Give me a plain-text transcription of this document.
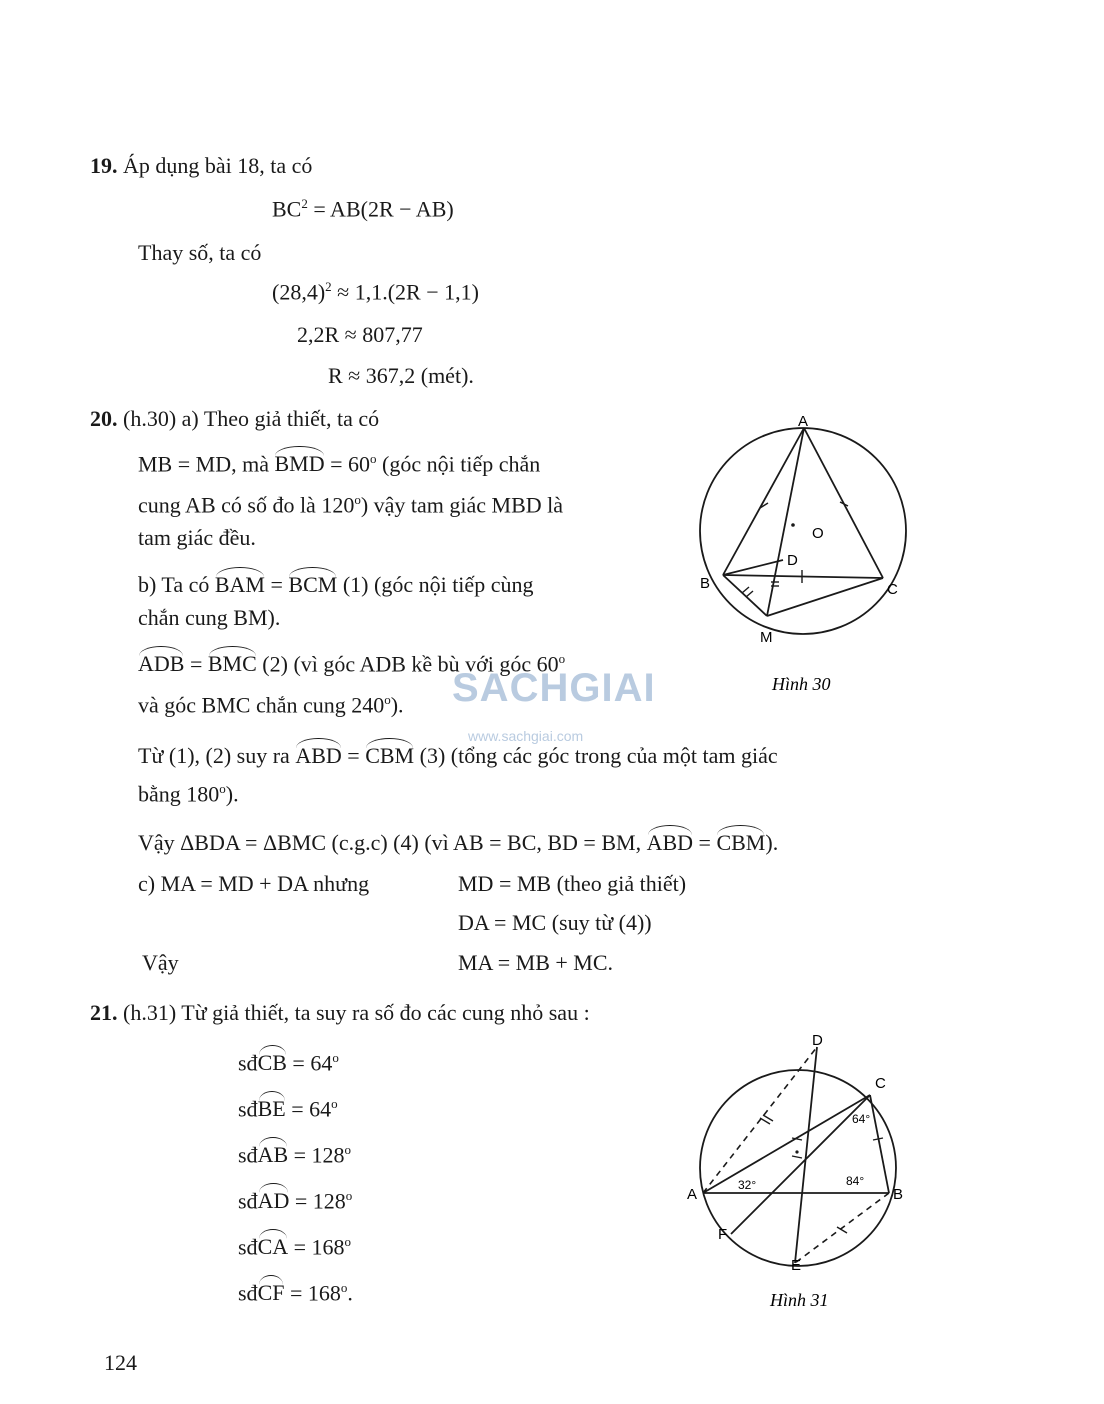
19. Áp dụng bài 18, ta có
$BC^2 = AB(2R - AB)$
Thay số, ta có
$(28,4)^2 \approx 1,1.(2R - 1,1)$
2,2R ≈ 807,77
R ≈ 367,2 (mét).
20. (h.30) a) Theo giả thiết, ta có
MB = MD, mà BMD = $60^o$ (góc nội tiếp chắn
cung AB có số đo là 120$^o$) vậy tam giác MBD là
tam giác đều.
b) Ta có BAM = BCM (1) (góc nội tiếp cùng
chắn cung BM).
ADB = BMC (2) (vì góc ADB kề bù với góc 60$^o$
và góc BMC chắn cung 240$^o$). SACHGIAI
www.sachgiai.com
Từ (1), (2) suy ra ABD = CBM (3) (tổng các góc trong của một tam giác
bằng 180$^o$).
Vậy ΔBDA = ΔBMC (c.g.c) (4) (vì AB = BC, BD = BM, ABD = CBM).
c) MA = MD + DA nhưng	MD = MB (theo giả thiết)
DA = MC (suy từ (4))
Vậy	MA = MB + MC.
A
B	C
D
M
O
Hình 30
21. (h.31) Từ giả thiết, ta suy ra số đo các cung nhỏ sau :
sđCB = $64^o$
sđBE = $64^o$
sđAB = $128^o$
sđAD = $128^o$
sđCA = $168^o$
sđCF = $168^o$.
D
C
A	B
F
E
32°
64°
84°
Hình 31
124
